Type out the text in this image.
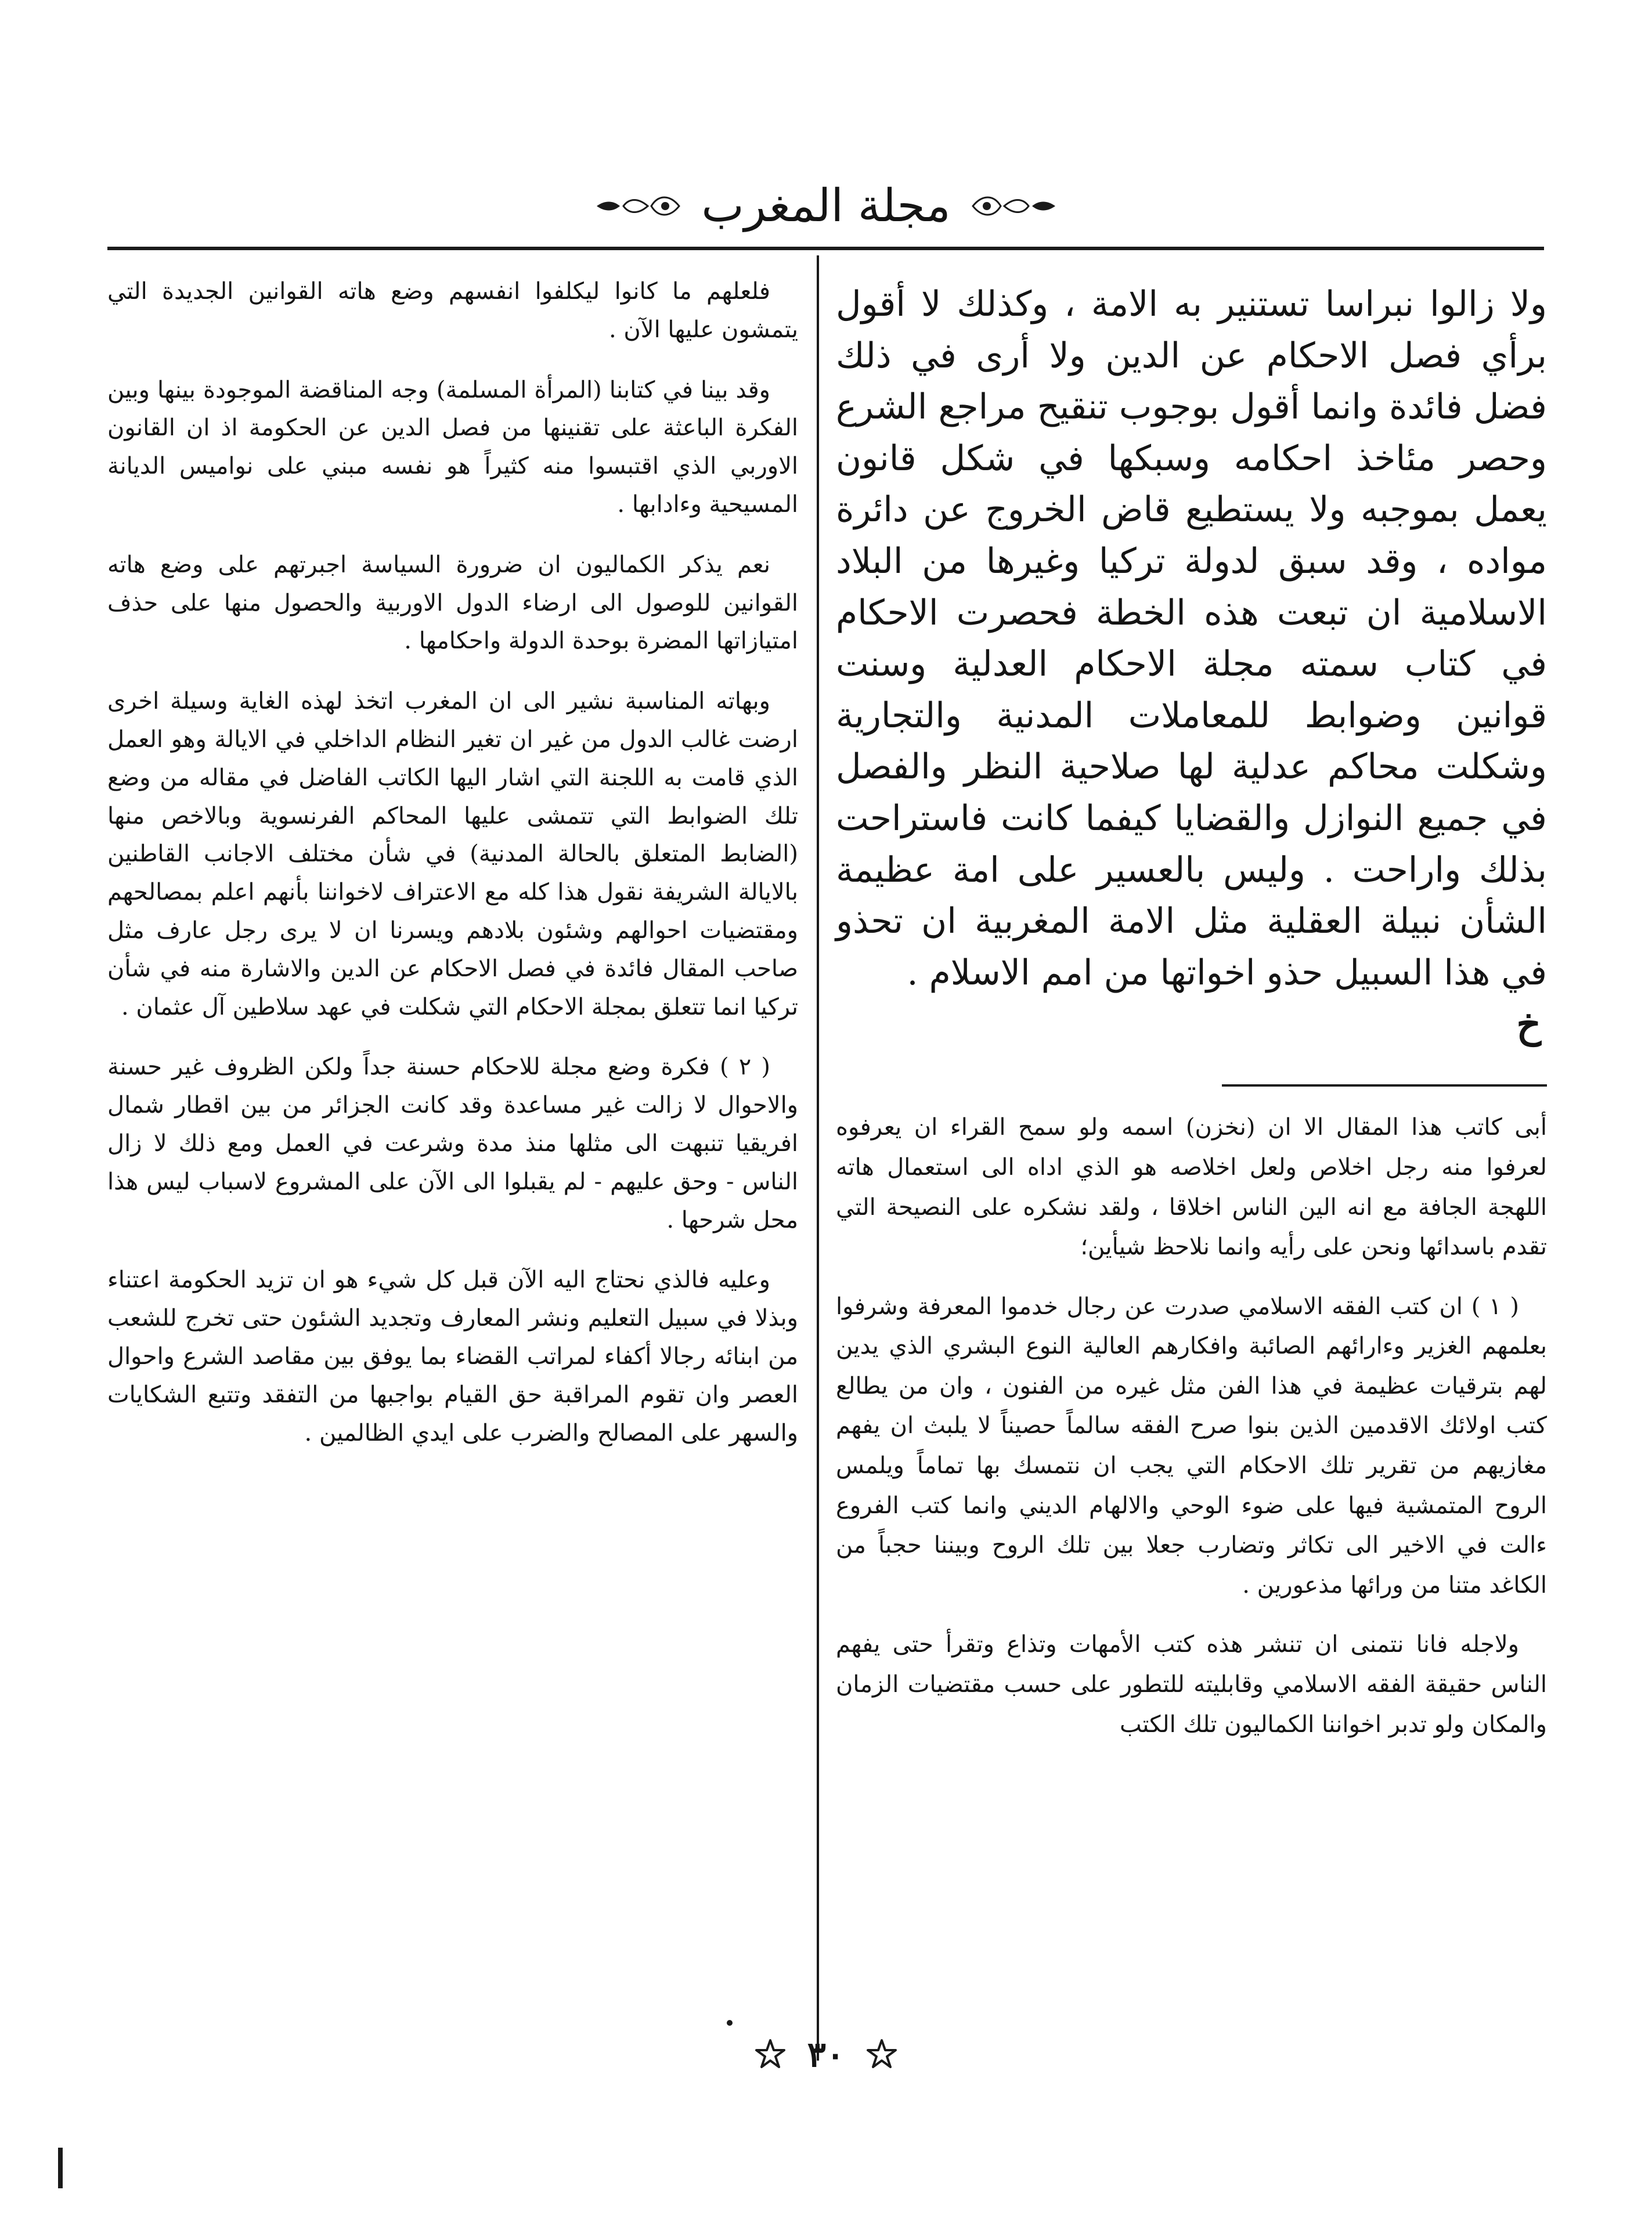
مجلة المغرب

ولا زالوا نبراسا تستنير به الامة ، وكذلك لا أقول برأي فصل الاحكام عن الدين ولا أرى في ذلك فضل فائدة وانما أقول بوجوب تنقيح مراجع الشرع وحصر مئاخذ احكامه وسبكها في شكل قانون يعمل بموجبه ولا يستطيع قاض الخروج عن دائرة مواده ، وقد سبق لدولة تركيا وغيرها من البلاد الاسلامية ان تبعت هذه الخطة فحصرت الاحكام في كتاب سمته مجلة الاحكام العدلية وسنت قوانين وضوابط للمعاملات المدنية والتجارية وشكلت محاكم عدلية لها صلاحية النظر والفصل في جميع النوازل والقضايا كيفما كانت فاستراحت بذلك واراحت . وليس بالعسير على امة عظيمة الشأن نبيلة العقلية مثل الامة المغربية ان تحذو في هذا السبيل حذو اخواتها من امم الاسلام .

خ

أبى كاتب هذا المقال الا ان (نخزن) اسمه ولو سمح القراء ان يعرفوه لعرفوا منه رجل اخلاص ولعل اخلاصه هو الذي اداه الى استعمال هاته اللهجة الجافة مع انه الين الناس اخلاقا ، ولقد نشكره على النصيحة التي تقدم باسدائها ونحن على رأيه وانما نلاحظ شيأين؛

( ١ ) ان كتب الفقه الاسلامي صدرت عن رجال خدموا المعرفة وشرفوا بعلمهم الغزير وءارائهم الصائبة وافكارهم العالية النوع البشري الذي يدين لهم بترقيات عظيمة في هذا الفن مثل غيره من الفنون ، وان من يطالع كتب اولائك الاقدمين الذين بنوا صرح الفقه سالماً حصيناً لا يلبث ان يفهم مغازيهم من تقرير تلك الاحكام التي يجب ان نتمسك بها تماماً ويلمس الروح المتمشية فيها على ضوء الوحي والالهام الديني وانما كتب الفروع ءالت في الاخير الى تكاثر وتضارب جعلا بين تلك الروح وبيننا حجباً من الكاغد متنا من ورائها مذعورين .

ولاجله فانا نتمنى ان تنشر هذه كتب الأمهات وتذاع وتقرأ حتى يفهم الناس حقيقة الفقه الاسلامي وقابليته للتطور على حسب مقتضيات الزمان والمكان ولو تدبر اخواننا الكماليون تلك الكتب

فلعلهم ما كانوا ليكلفوا انفسهم وضع هاته القوانين الجديدة التي يتمشون عليها الآن .

وقد بينا في كتابنا (المرأة المسلمة) وجه المناقضة الموجودة بينها وبين الفكرة الباعثة على تقنينها من فصل الدين عن الحكومة اذ ان القانون الاوربي الذي اقتبسوا منه كثيراً هو نفسه مبني على نواميس الديانة المسيحية وءادابها .

نعم يذكر الكماليون ان ضرورة السياسة اجبرتهم على وضع هاته القوانين للوصول الى ارضاء الدول الاوربية والحصول منها على حذف امتيازاتها المضرة بوحدة الدولة واحكامها .

وبهاته المناسبة نشير الى ان المغرب اتخذ لهذه الغاية وسيلة اخرى ارضت غالب الدول من غير ان تغير النظام الداخلي في الايالة وهو العمل الذي قامت به اللجنة التي اشار اليها الكاتب الفاضل في مقاله من وضع تلك الضوابط التي تتمشى عليها المحاكم الفرنسوية وبالاخص منها (الضابط المتعلق بالحالة المدنية) في شأن مختلف الاجانب القاطنين بالايالة الشريفة نقول هذا كله مع الاعتراف لاخواننا بأنهم اعلم بمصالحهم ومقتضيات احوالهم وشئون بلادهم ويسرنا ان لا يرى رجل عارف مثل صاحب المقال فائدة في فصل الاحكام عن الدين والاشارة منه في شأن تركيا انما تتعلق بمجلة الاحكام التي شكلت في عهد سلاطين آل عثمان .

( ٢ ) فكرة وضع مجلة للاحكام حسنة جداً ولكن الظروف غير حسنة والاحوال لا زالت غير مساعدة وقد كانت الجزائر من بين اقطار شمال افريقيا تنبهت الى مثلها منذ مدة وشرعت في العمل ومع ذلك لا زال الناس - وحق عليهم - لم يقبلوا الى الآن على المشروع لاسباب ليس هذا محل شرحها .

وعليه فالذي نحتاج اليه الآن قبل كل شيء هو ان تزيد الحكومة اعتناء وبذلا في سبيل التعليم ونشر المعارف وتجديد الشئون حتى تخرج للشعب من ابنائه رجالا أكفاء لمراتب القضاء بما يوفق بين مقاصد الشرع واحوال العصر وان تقوم المراقبة حق القيام بواجبها من التفقد وتتبع الشكايات والسهر على المصالح والضرب على ايدي الظالمين .

٣٠
